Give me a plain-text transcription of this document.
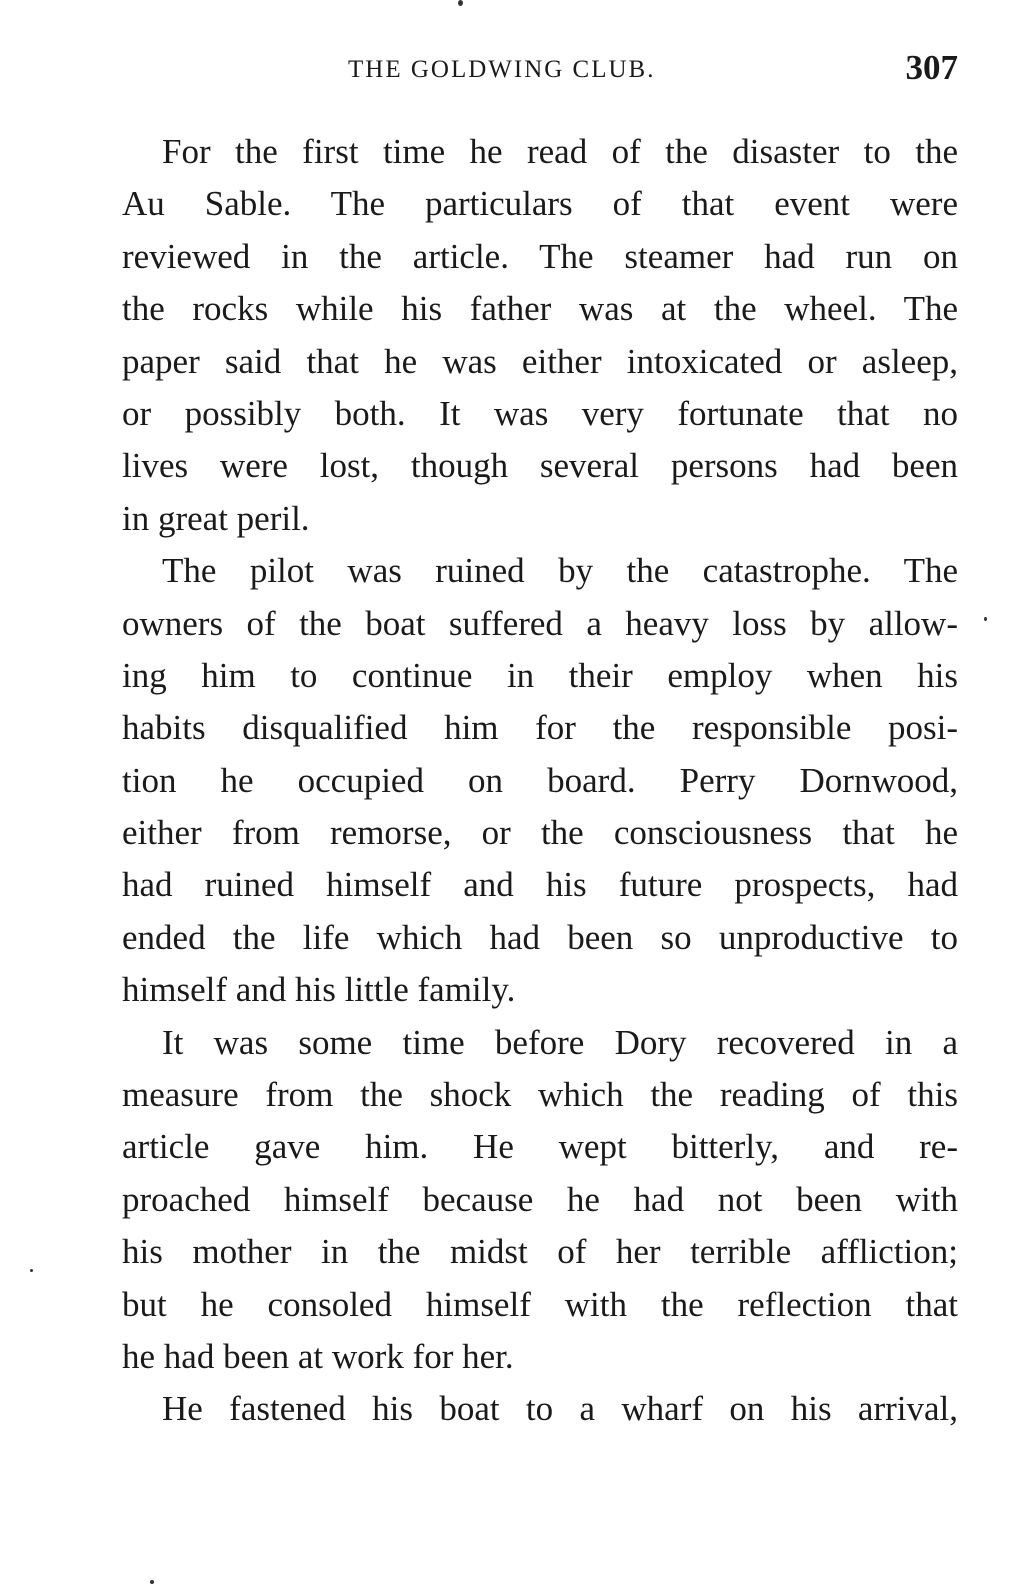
THE GOLDWING CLUB.	307
For the first time he read of the disaster to the
Au Sable. The particulars of that event were
reviewed in the article. The steamer had run on
the rocks while his father was at the wheel. The
paper said that he was either intoxicated or asleep,
or possibly both. It was very fortunate that no
lives were lost, though several persons had been
in great peril.
The pilot was ruined by the catastrophe. The
owners of the boat suffered a heavy loss by allow-
ing him to continue in their employ when his
habits disqualified him for the responsible posi-
tion he occupied on board. Perry Dornwood,
either from remorse, or the consciousness that he
had ruined himself and his future prospects, had
ended the life which had been so unproductive to
himself and his little family.
It was some time before Dory recovered in a
measure from the shock which the reading of this
article gave him. He wept bitterly, and re-
proached himself because he had not been with
his mother in the midst of her terrible affliction;
but he consoled himself with the reflection that
he had been at work for her.
He fastened his boat to a wharf on his arrival,
